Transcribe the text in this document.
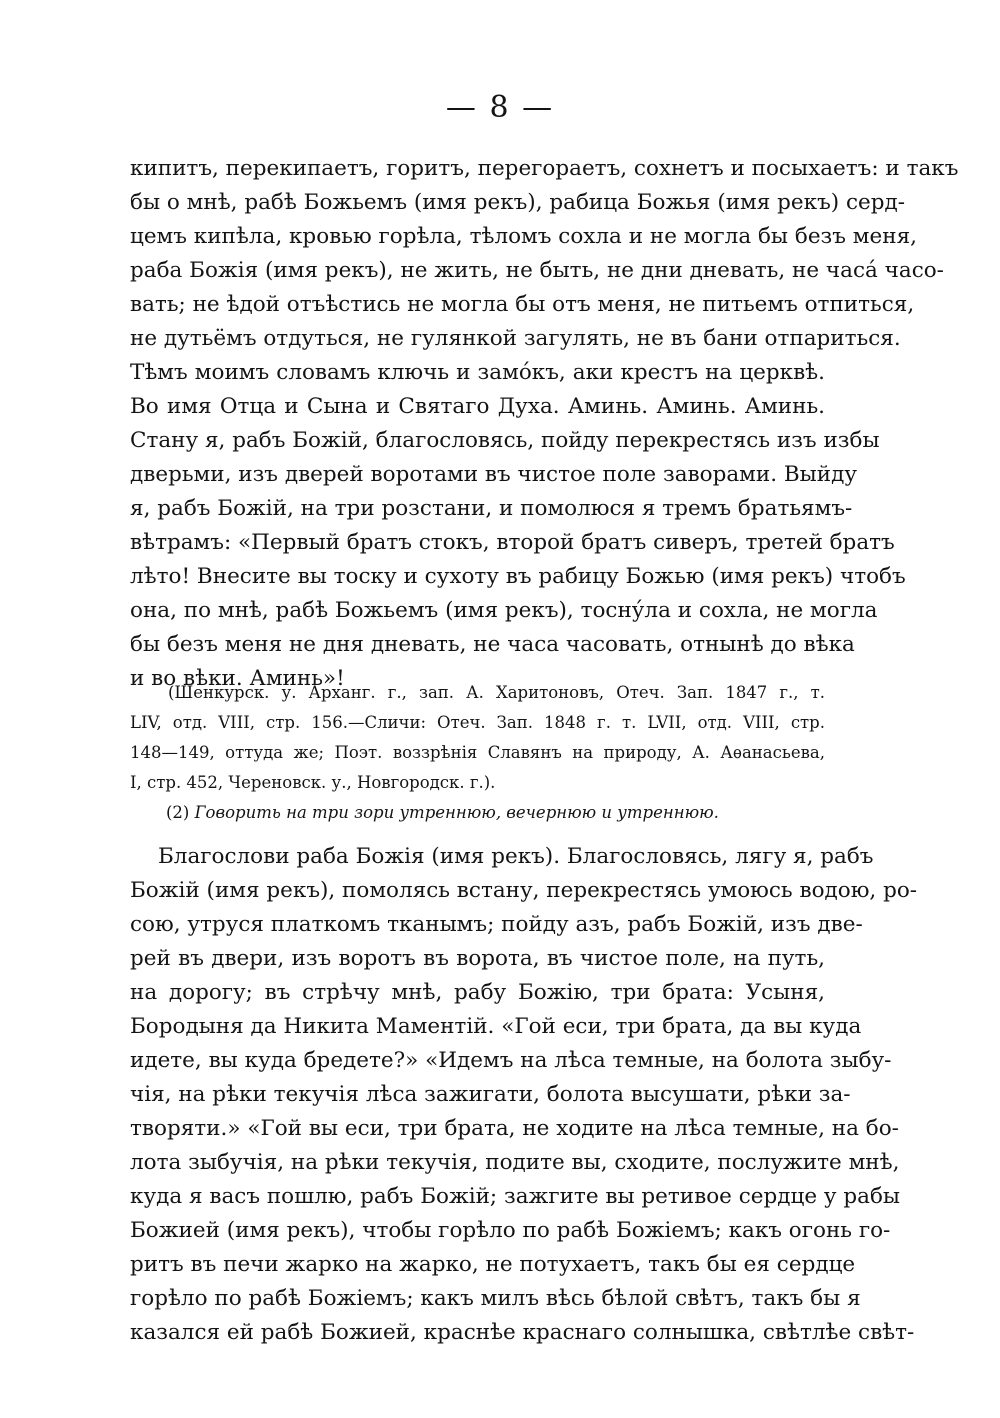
— 8 —
кипитъ, перекипаетъ, горитъ, перегораетъ, сохнетъ и посыхаетъ: и такъ
бы о мнѣ, рабѣ Божьемъ (имя рекъ), рабица Божья (имя рекъ) серд-
цемъ кипѣла, кровью горѣла, тѣломъ сохла и не могла бы безъ меня,
раба Божія (имя рекъ), не жить, не быть, не дни дневать, не часа́ часо-
вать; не ѣдой отъѣстись не могла бы отъ меня, не питьемъ отпиться,
не дутьёмъ отдуться, не гулянкой загулять, не въ бани отпариться.
Тѣмъ моимъ словамъ ключь и замо́къ, аки крестъ на церквѣ.
Во имя Отца и Сына и Святаго Духа. Аминь. Аминь. Аминь.
Стану я, рабъ Божій, благословясь, пойду перекрестясь изъ избы
дверьми, изъ дверей воротами въ чистое поле заворами. Выйду
я, рабъ Божій, на три розстани, и помолюся я тремъ братьямъ-
вѣтрамъ: «Первый братъ стокъ, второй братъ сиверъ, третей братъ
лѣто! Внесите вы тоску и сухоту въ рабицу Божью (имя рекъ) чтобъ
она, по мнѣ, рабѣ Божьемъ (имя рекъ), тосну́ла и сохла, не могла
бы безъ меня не дня дневать, не часа часовать, отнынѣ до вѣка
и во вѣки. Аминь»!
(Шенкурск. у. Арханг. г., зап. А. Харитоновъ, Отеч. Зап. 1847 г., т.
LIV, отд. VIII, стр. 156.—Сличи: Отеч. Зап. 1848 г. т. LVII, отд. VIII, стр.
148—149, оттуда же; Поэт. воззрѣнія Славянъ на природу, А. Аѳанасьева,
I, стр. 452, Череновск. у., Новгородск. г.).
(2) Говорить на три зори утреннюю, вечернюю и утреннюю.
Благослови раба Божія (имя рекъ). Благословясь, лягу я, рабъ
Божій (имя рекъ), помолясь встану, перекрестясь умоюсь водою, ро-
сою, утруся платкомъ тканымъ; пойду азъ, рабъ Божій, изъ две-
рей въ двери, изъ воротъ въ ворота, въ чистое поле, на путь,
на дорогу; въ стрѣчу мнѣ, рабу Божію, три брата: Усыня,
Бородыня да Никита Маментій. «Гой еси, три брата, да вы куда
идете, вы куда бредете?» «Идемъ на лѣса темные, на болота зыбу-
чія, на рѣки текучія лѣса зажигати, болота высушати, рѣки за-
творяти.» «Гой вы еси, три брата, не ходите на лѣса темные, на бо-
лота зыбучія, на рѣки текучія, подите вы, сходите, послужите мнѣ,
куда я васъ пошлю, рабъ Божій; зажгите вы ретивое сердце у рабы
Божией (имя рекъ), чтобы горѣло по рабѣ Божіемъ; какъ огонь го-
ритъ въ печи жарко на жарко, не потухаетъ, такъ бы ея сердце
горѣло по рабѣ Божіемъ; какъ милъ вѣсь бѣлой свѣтъ, такъ бы я
казался ей рабѣ Божией, краснѣе краснаго солнышка, свѣтлѣе свѣт-
